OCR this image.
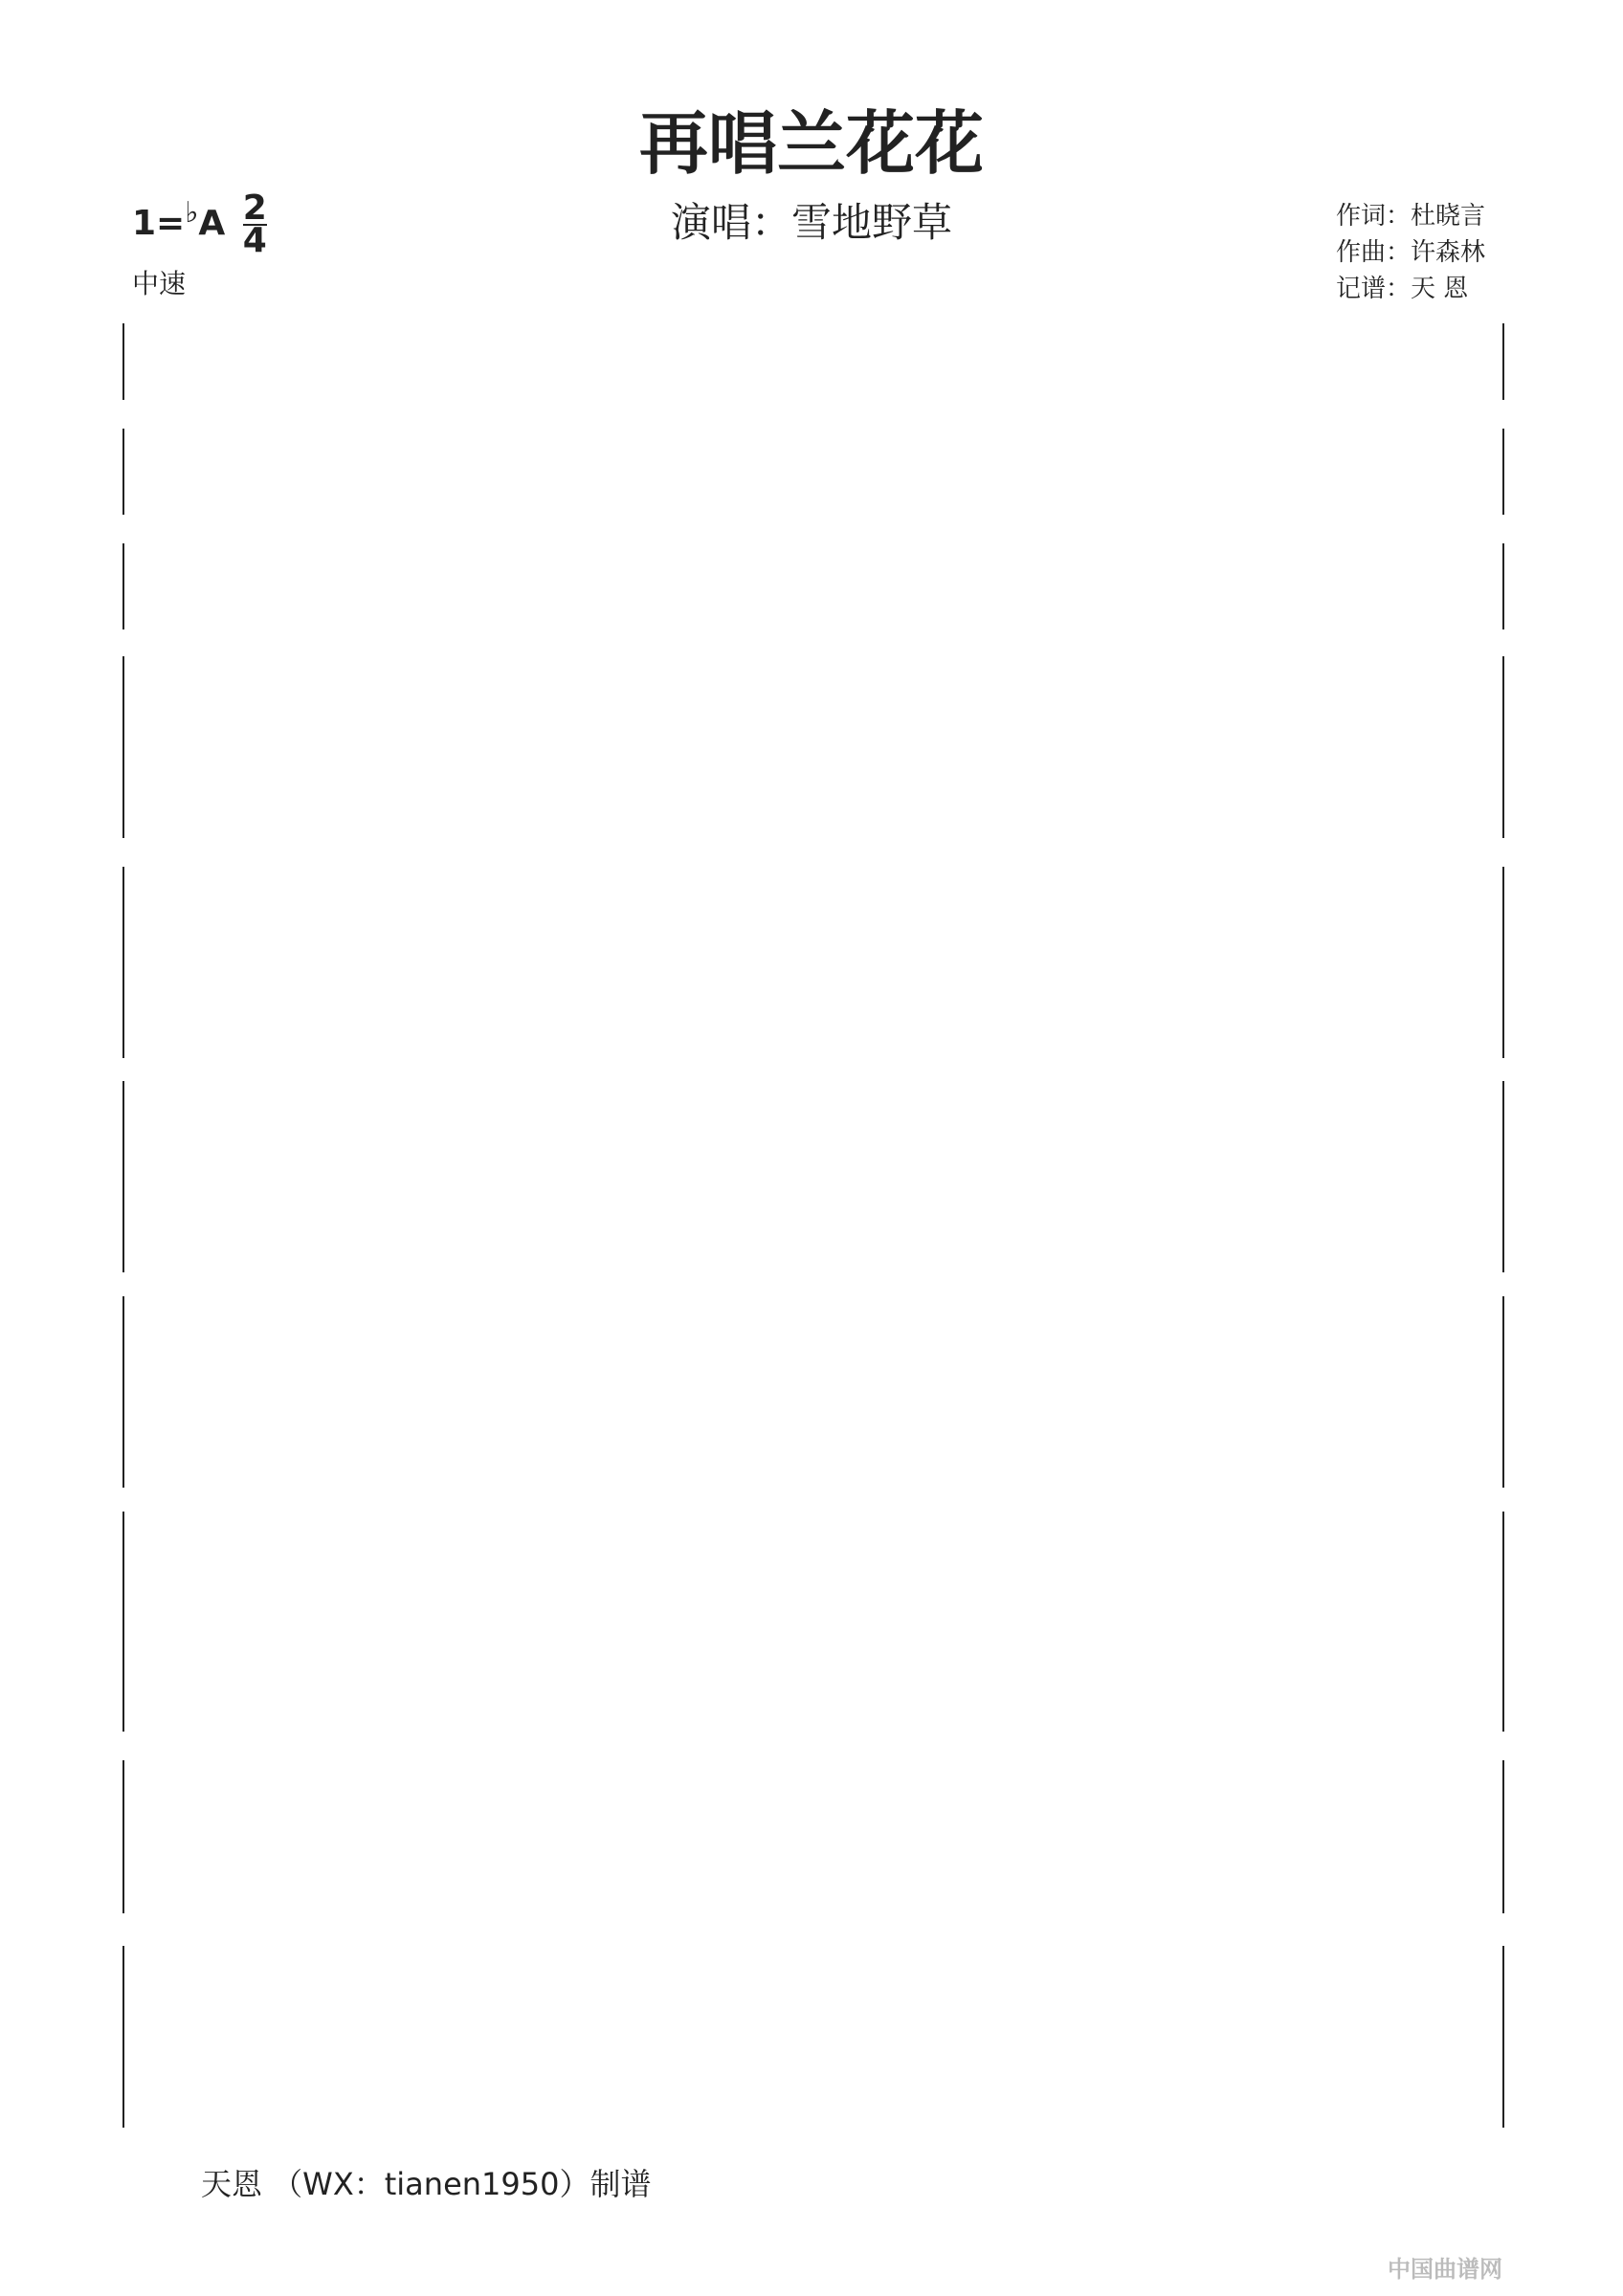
再唱兰花花
演唱：雪地野草
$1=^♭A \frac{2}{4}$
中速
作词：杜晓言
作曲：许森林
记谱：天 恩
天恩 （WX：tianen1950）制谱
中国曲谱网
